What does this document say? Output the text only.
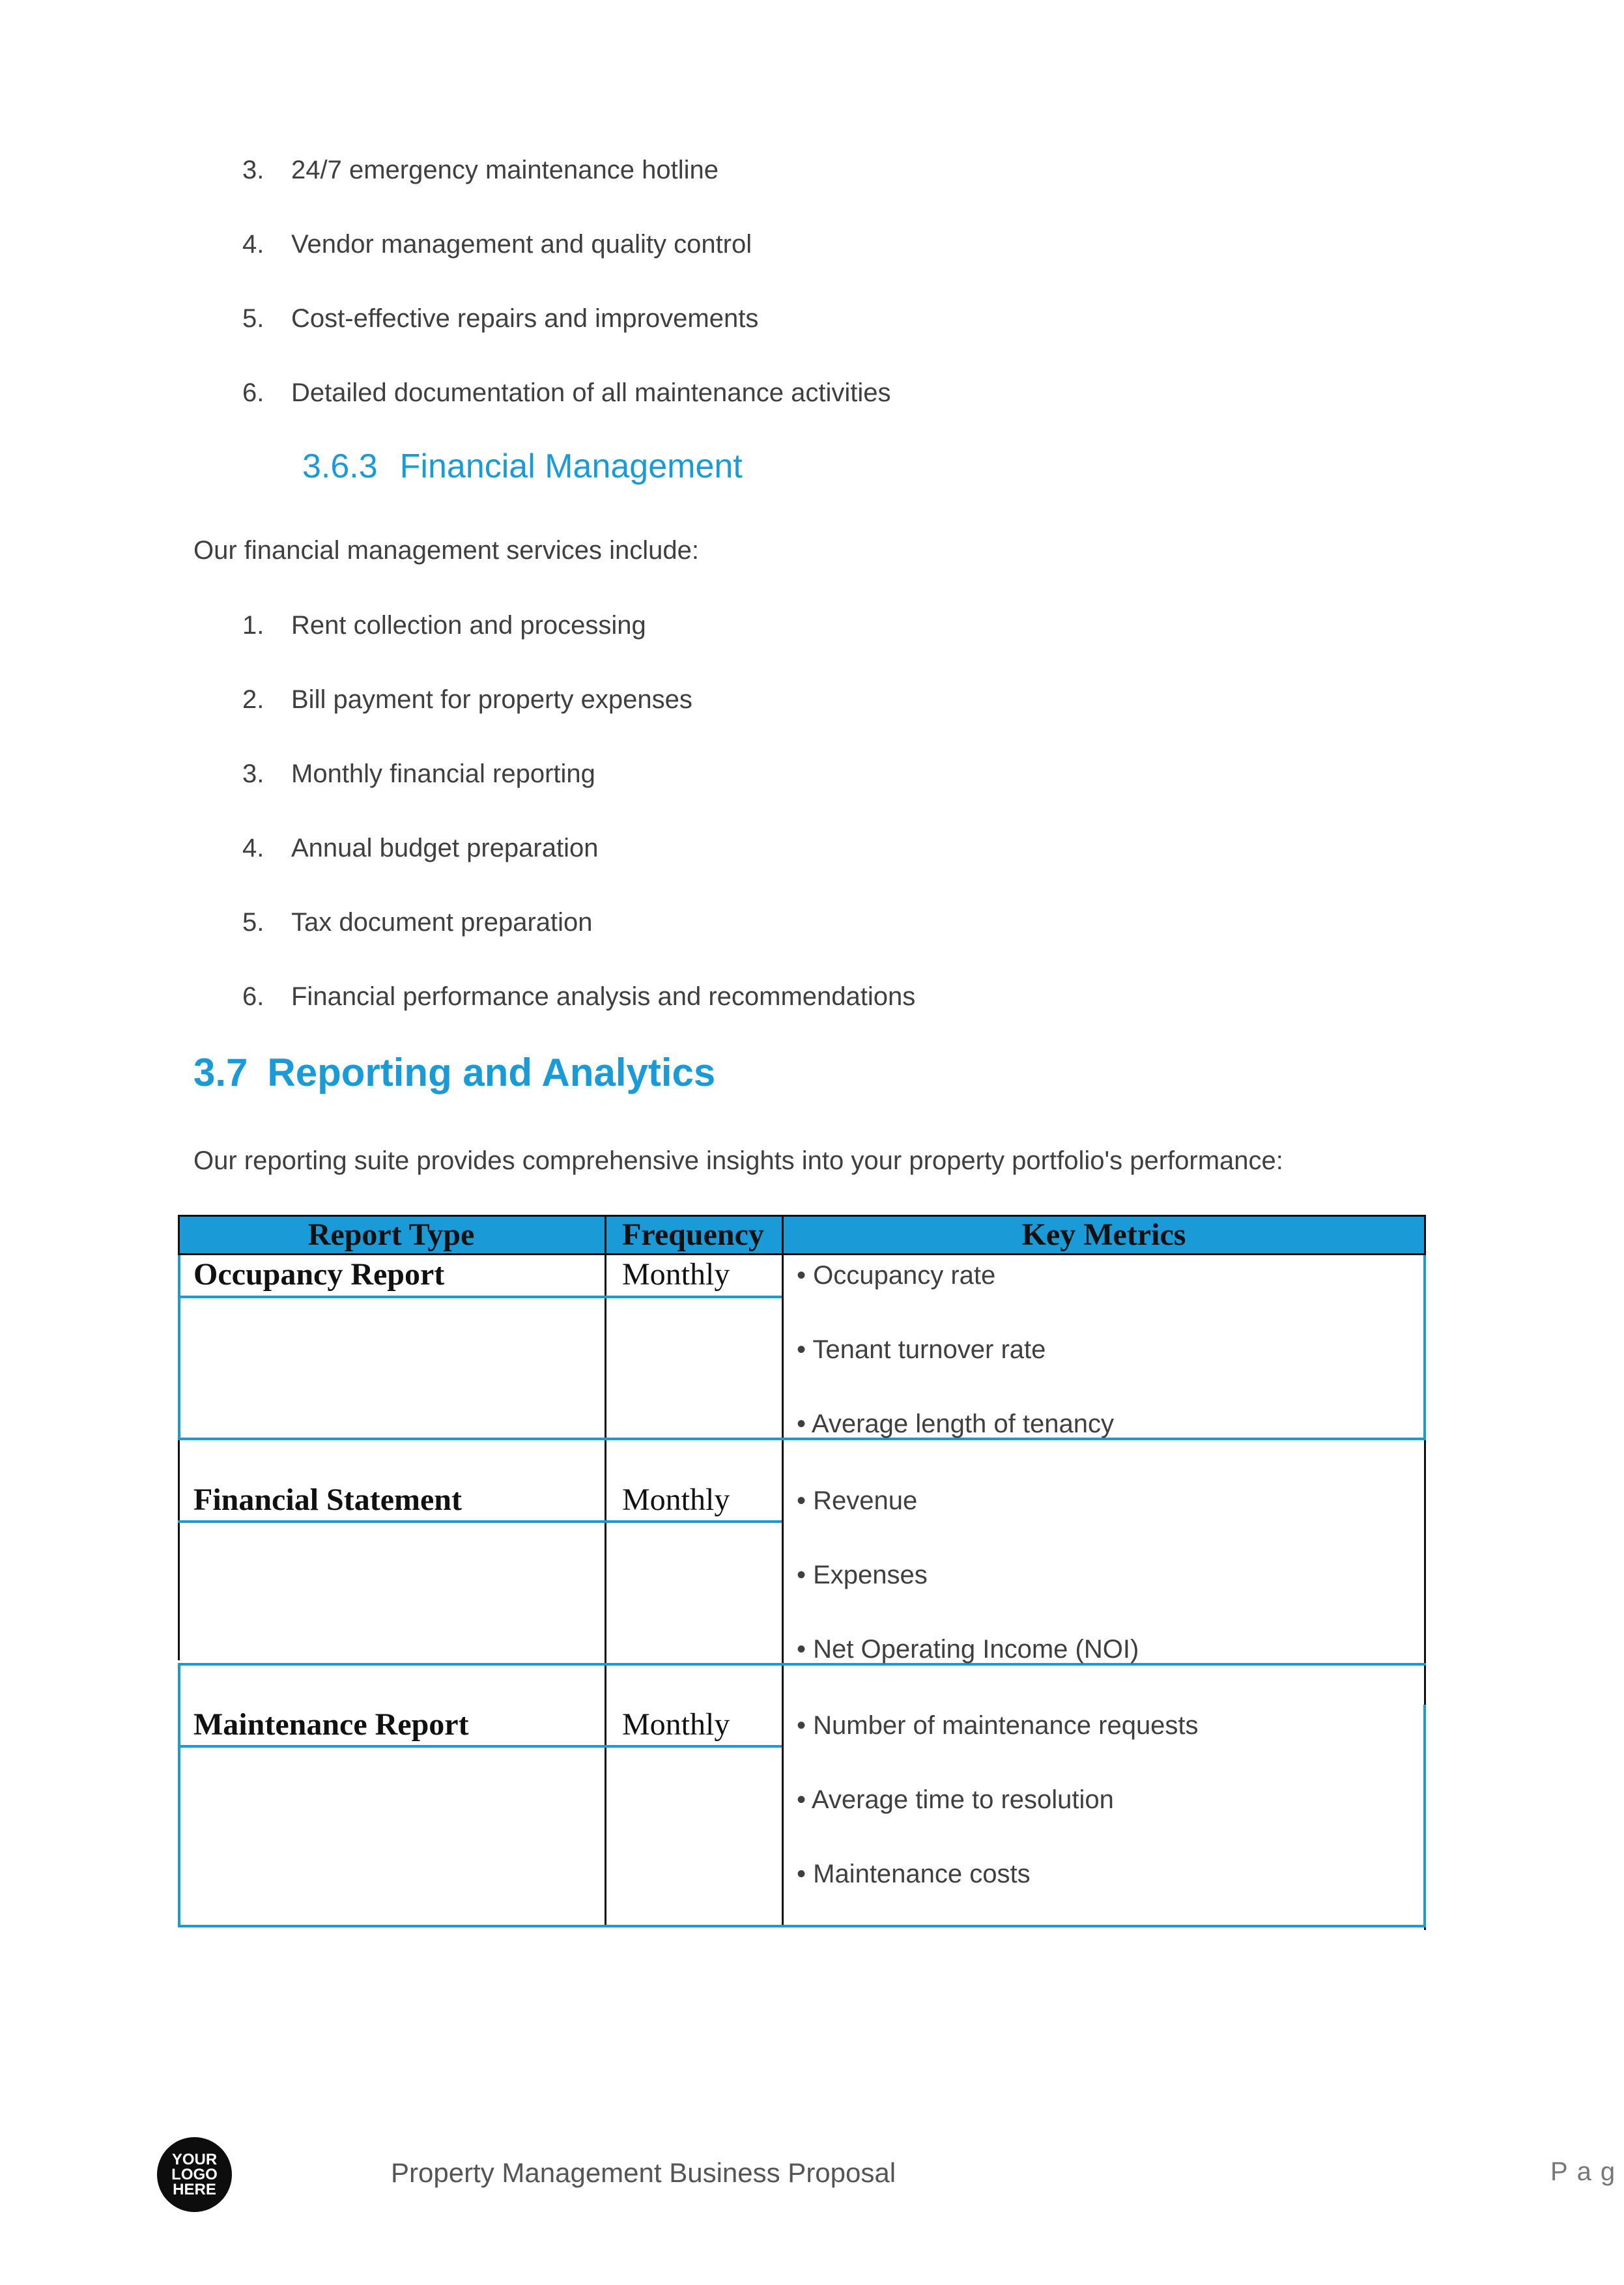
3.	24/7 emergency maintenance hotline
4.	Vendor management and quality control
5.	Cost-effective repairs and improvements
6.	Detailed documentation of all maintenance activities
3.6.3 Financial Management
Our financial management services include:
1.	Rent collection and processing
2.	Bill payment for property expenses
3.	Monthly financial reporting
4.	Annual budget preparation
5.	Tax document preparation
6.	Financial performance analysis and recommendations
3.7 Reporting and Analytics
Our reporting suite provides comprehensive insights into your property portfolio's performance:
Report Type	Frequency	Key Metrics
Occupancy Report	Monthly	• Occupancy rate
• Tenant turnover rate
• Average length of tenancy
Financial Statement	Monthly	• Revenue
• Expenses
• Net Operating Income (NOI)
Maintenance Report	Monthly	• Number of maintenance requests
• Average time to resolution
• Maintenance costs
YOUR
LOGO
HERE
Property Management Business Proposal	Pag
